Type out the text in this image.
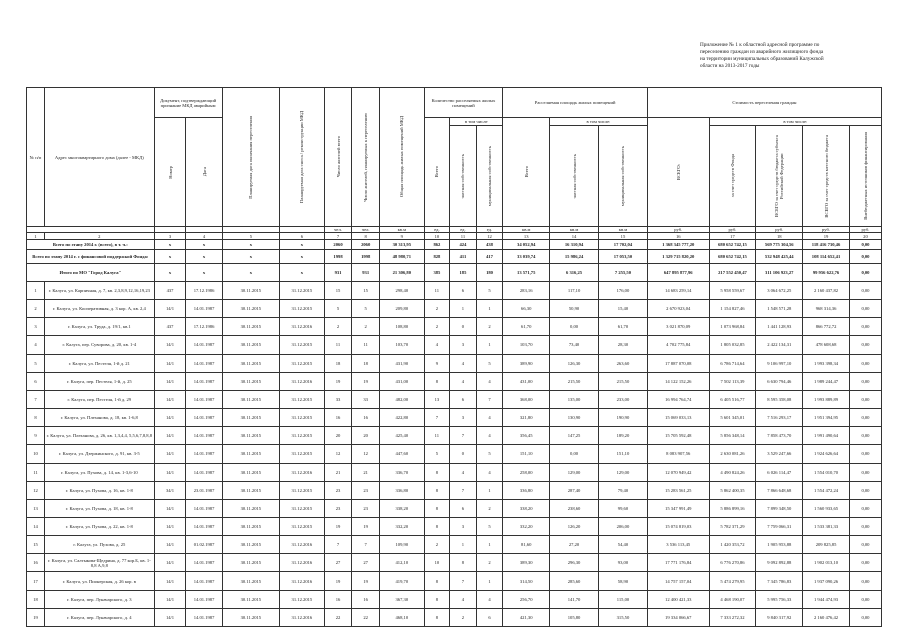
Приложение № 1 к областной адресной программе по
переселению граждан из аварийного жилищного фонда
на территории муниципальных образований Калужской
области на 2013-2017 годы
№ п/п	Адрес многоквартирного дома (далее - МКД)	Документ, подтверждающий признание МКД аварийным		Планируемая дата окончания переселения	Планируемая дата сноса / реконструкции МКД	Число жителей всего	Число жителей, планируемых к переселению	Общая площадь жилых помещений МКД	Количество расселяемых жилых помещений			Расселяемая площадь жилых помещений			Стоимость переселения граждан				

		Номер	Дата						Всего	в том числе		Всего	в том числе:		ВСЕГО:	в том числе:			

										частная собственность	муниципальная собственность		частная собственность	муниципальная собственность		за счет средств Фонда	ВСЕГО за счет средств бюджета субъекта Российской Федерации	ВСЕГО за счет средств местного бюджета	Внебюджетных источников финансирования

						чел.	чел.	кв.м	ед.	ед.	ед.	кв.м	кв.м	кв.м	руб.	руб.	руб.	руб.	руб.
1	2	3	4	5	6	7	8	9	10	11	12	13	14	15	16	17	18	19	20
Всего по этапу 2014 г. (всего), в т. ч.:		х	х	х	х	2060	2060	30 313,95	862	424	438	34 052,94	16 310,94	17 702,04	1 368 345 777,20	680 652 742,15	569 775 304,56	118 416 730,46	0,00
Всего по этапу 2014 г. с финансовой поддержкой Фонда:		х	х	х	х	1998	1998	48 980,71	828	411	417	33 039,74	15 986,24	17 053,50	1 329 715 820,20	680 652 742,15	532 948 425,44	108 114 652,41	0,00
Итого по МО "Город Калуга"		х	х	х	х	931	931	21 306,80	385	185	180	13 571,75	6 316,25	7 255,50	647 895 877,96	217 552 450,47	311 106 923,27	99 956 622,76	0,00
1	г. Калуга, ул. Карпичная, д. 7, кв. 2,3,8,9,12,16,19,23	437	17.12.1986	30.11.2015	31.12.2015	15	15	298,40	11	6	5	283,16	117,10	176,00	14 683 259,14	5 958 559,67	3 064 672,25	2 160 437,82	0,00
2	г. Калуга, ул. Кооперативная, д. 3 кор. А, кв. 2,4	14/1	14.01.1987	30.11.2015	31.12.2015	5	5	209,80	2	1	1	66,30	50,90	15,40	2 670 923,04	1 154 827,46	1 548 571,28	968 314,36	0,00
3	г. Калуга, ул. Труда, д. 19/1, кв.1	437	17.12.1986	30.11.2015	31.12.2016	2	2	108,80	2	0	2	61,70	0,00	61,70	3 021 870,09	1 073 968,84	1 441 128,93	866 772,72	0,00
4	г. Калуга, пер. Суворова, д. 20, кв. 1-4	14/1	14.01.1987	30.11.2015	31.12.2015	11	11	103,70	4	3	1	103,70	73,40	28,30	4 702 775,84	1 805 032,85	2 422 134,31	478 608,68	0,00
5	г. Калуга, ул. Пестеля, 1-й д. 21	14/1	14.01.1987	30.11.2015	31.12.2015	18	18	431,90	9	4	5	389,90	126,30	263,60	17 887 070,08	6 786 714,64	9 106 997,10	1 993 398,34	0,00
6	г. Калуга, пер. Пестеля, 1-й, д. 25	14/1	14.01.1987	30.11.2015	31.12.2016	19	19	431,00	8	4	4	431,00	215,50	215,50	14 122 152,26	7 502 113,39	6 630 794,46	1 989 244,47	0,00
7	г. Калуга, пер. Пестеля, 1-й д. 29	14/1	14.01.1987	30.11.2015	31.12.2015	33	33	482,00	13	6	7	368,00	135,00	233,00	16 994 764,74	6 405 516,77	8 595 358,08	1 993 889,89	0,00
8	г. Калуга, ул. Плеханова, д. 18, кв. 1-6,8	14/1	14.01.1987	30.11.2015	31.12.2015	16	16	422,80	7	3	4	321,80	130,90	190,90	15 069 033,13	5 601 345,01	7 516 293,17	1 951 394,95	0,00
9	г. Калуга, ул. Плеханова, д. 26, кв. 1,3,4,4, 5,5,6,7,8,8,8	14/1	14.01.1987	30.11.2015	31.12.2015	20	20	425,40	11	7	4	356,45	147,25	189,20	15 705 592,48	5 856 348,14	7 858 473,70	1 991 490,64	0,00
10	г. Калуга, ул. Дзержинского, д. 91, кв. 3-5	14/1	14.01.1987	30.11.2015	31.12.2015	12	12	447,60	5	0	5	151,10	0,00	151,10	8 083 907,56	2 630 081,26	3 529 247,66	1 924 626,64	0,00
11	г. Калуга, ул. Пухова, д. 14, кв. 1-3,6-10	14/1	14.01.1987	30.11.2015	31.12.2016	21	21	336,70	8	4	4	258,00	129,00	129,00	12 070 949,42	4 490 824,26	6 026 114,47	1 554 010,70	0,00
12	г. Калуга, ул. Пухова, д. 16, кв. 1-8	34/1	23.01.1987	30.11.2015	31.12.2015	23	23	336,80	8	7	1	336,80	287,40	79,40	15 283 561,25	5 862 400,35	7 866 648,68	1 554 472,24	0,00
13	г. Калуга, ул. Пухова, д. 18, кв. 1-8	14/1	14.01.1987	30.11.2015	31.12.2015	23	23	338,20	8	6	2	338,20	238,60	99,60	15 347 991,49	5 886 899,16	7 899 348,50	1 560 933,65	0,00
14	г. Калуга, ул. Пухова, д. 22, кв. 1-8	14/1	14.01.1987	30.11.2015	31.12.2015	19	19	332,20	8	3	5	332,20	126,20	206,00	15 074 819,03	5 782 371,29	7 759 066,31	1 533 381,33	0,00
15	г. Калуга, ул. Пухова, д. 25	14/1	01.02.1987	30.11.2015	31.12.2016	7	7	109,90	2	1	1	81,60	27,20	54,40	3 536 113,45	1 420 353,72	1 905 953,88	209 825,85	0,00
16	г. Калуга, ул. Салтыкова-Щедрина, д. 77 кор.Б, кв. 1-8,8 А,9,8	14/1	14.01.1987	30.11.2015	31.12.2016	27	27	412,10	10	8	2	389,30	296,30	93,00	17 771 176,84	6 776 270,86	9 092 892,88	1 902 013,10	0,00
17	г. Калуга, ул. Пионерская, д. 26 кор. в	14/1	14.01.1987	30.11.2015	31.12.2016	19	19	419,70	8	7	1	314,50	285,60	58,90	14 757 157,04	5 474 279,95	7 345 786,83	1 937 090,26	0,00
18	г. Калуга, пер. Луначарского, д. 3	14/1	14.01.1987	30.11.2015	31.12.2015	16	16	367,30	8	4	4	256,70	141,70	115,00	12 400 421,33	4 468 190,07	5 995 756,33	1 944 474,93	0,00
19	г. Калуга, пер. Луначарского, д. 4	14/1	14.01.1987	30.11.2015	31.12.2016	22	22	468,10	8	2	6	421,30	105,80	315,50	19 334 066,67	7 333 272,32	9 840 317,92	2 160 476,42	0,00
